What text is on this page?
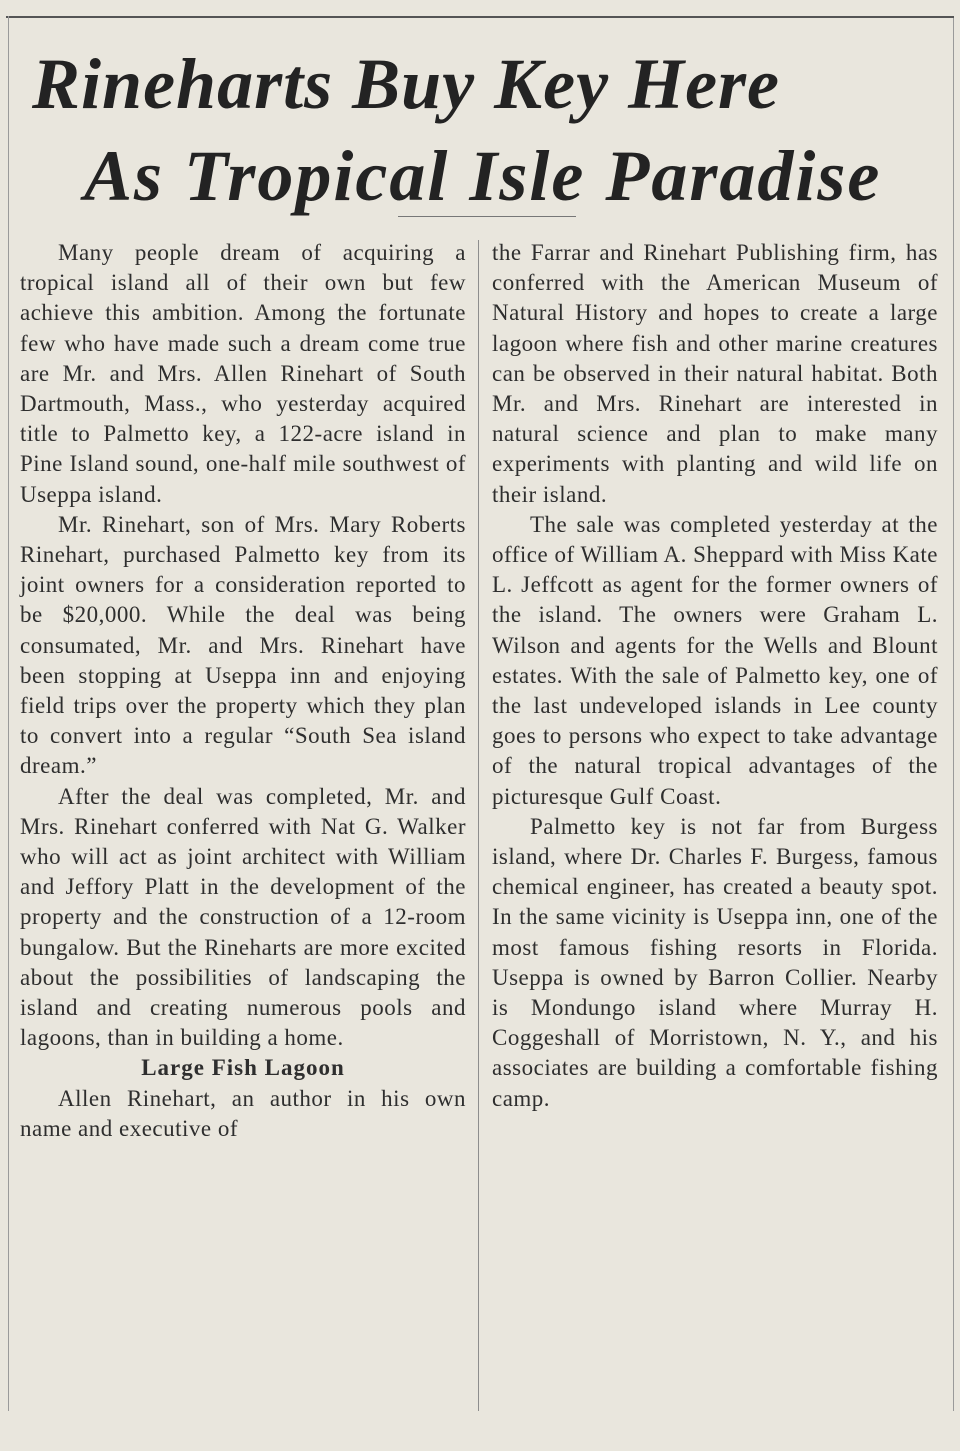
Rineharts Buy Key Here
As Tropical Isle Paradise

Many people dream of acquiring a tropical island all of their own but few achieve this ambition. Among the fortunate few who have made such a dream come true are Mr. and Mrs. Allen Rinehart of South Dartmouth, Mass., who yesterday acquired title to Palmetto key, a 122-acre island in Pine Island sound, one-half mile southwest of Useppa island.

Mr. Rinehart, son of Mrs. Mary Roberts Rinehart, purchased Palmetto key from its joint owners for a consideration reported to be $20,000. While the deal was being consumated, Mr. and Mrs. Rinehart have been stopping at Useppa inn and enjoying field trips over the property which they plan to convert into a regular “South Sea island dream.”

After the deal was completed, Mr. and Mrs. Rinehart conferred with Nat G. Walker who will act as joint architect with William and Jeffory Platt in the development of the property and the construction of a 12-room bungalow. But the Rineharts are more excited about the possibilities of landscaping the island and creating numerous pools and lagoons, than in building a home.

Large Fish Lagoon

Allen Rinehart, an author in his own name and executive of

the Farrar and Rinehart Publishing firm, has conferred with the American Museum of Natural History and hopes to create a large lagoon where fish and other marine creatures can be observed in their natural habitat. Both Mr. and Mrs. Rinehart are interested in natural science and plan to make many experiments with planting and wild life on their island.

The sale was completed yesterday at the office of William A. Sheppard with Miss Kate L. Jeffcott as agent for the former owners of the island. The owners were Graham L. Wilson and agents for the Wells and Blount estates. With the sale of Palmetto key, one of the last undeveloped islands in Lee county goes to persons who expect to take advantage of the natural tropical advantages of the picturesque Gulf Coast.

Palmetto key is not far from Burgess island, where Dr. Charles F. Burgess, famous chemical engineer, has created a beauty spot. In the same vicinity is Useppa inn, one of the most famous fishing resorts in Florida. Useppa is owned by Barron Collier. Nearby is Mondungo island where Murray H. Coggeshall of Morristown, N. Y., and his associates are building a comfortable fishing camp.
